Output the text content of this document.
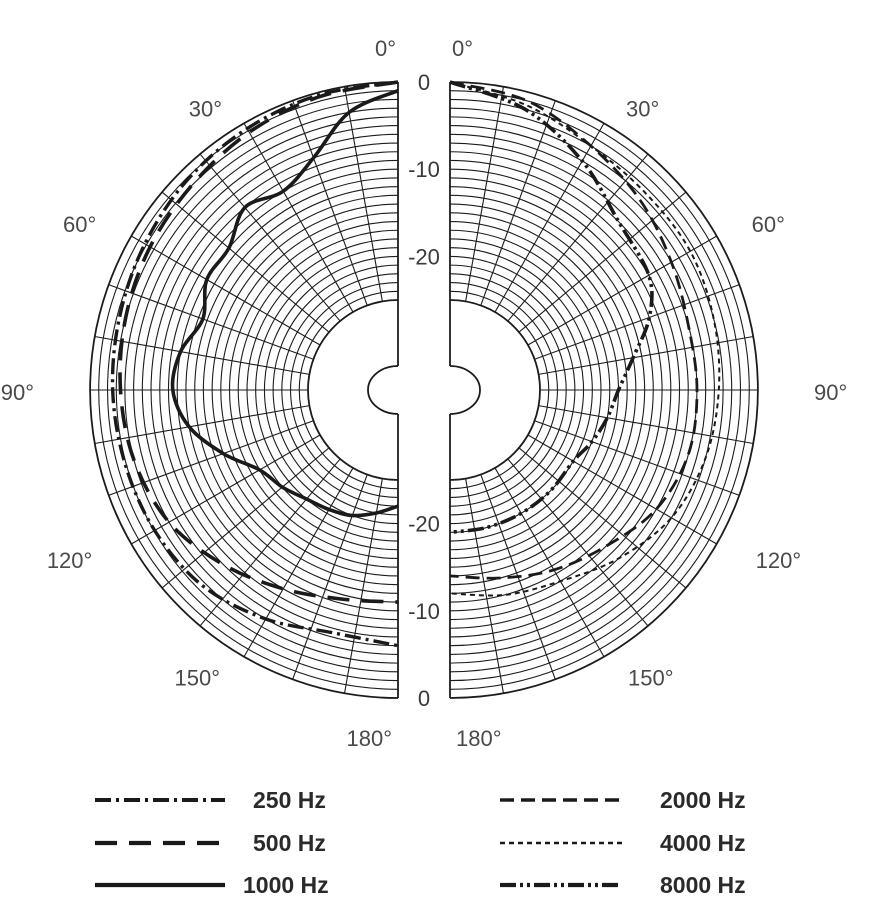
0°
30°
60°
90°
120°
150°
180°
0°
30°
60°
90°
120°
150°
180°
0
-10
-20
-20
-10
0
250 Hz
500 Hz
1000 Hz
2000 Hz
4000 Hz
8000 Hz
